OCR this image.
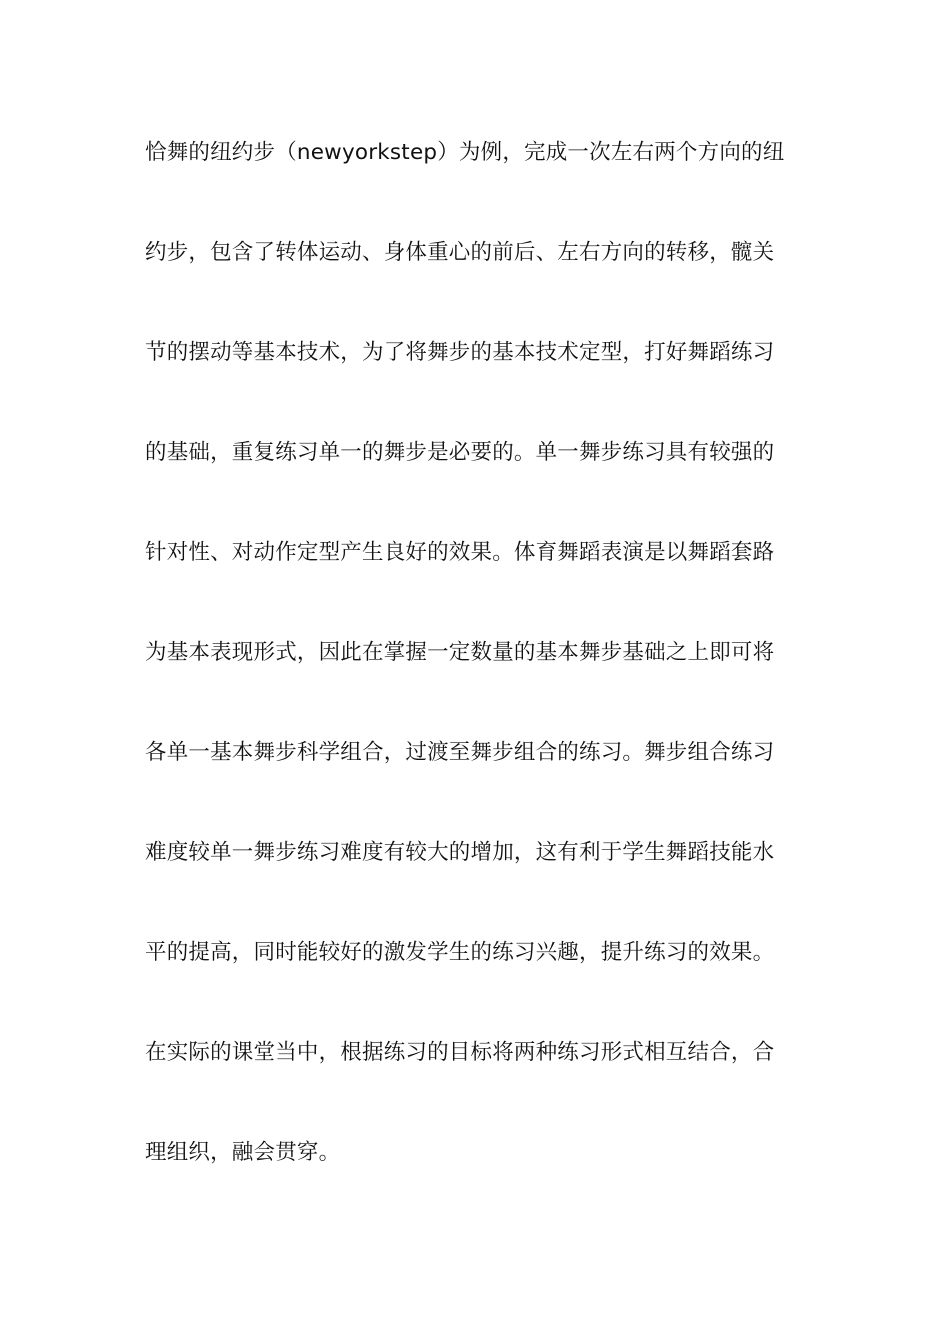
恰舞的纽约步（newyorkstep）为例，完成一次左右两个方向的纽
约步，包含了转体运动、身体重心的前后、左右方向的转移，髋关
节的摆动等基本技术，为了将舞步的基本技术定型，打好舞蹈练习
的基础，重复练习单一的舞步是必要的。单一舞步练习具有较强的
针对性、对动作定型产生良好的效果。体育舞蹈表演是以舞蹈套路
为基本表现形式，因此在掌握一定数量的基本舞步基础之上即可将
各单一基本舞步科学组合，过渡至舞步组合的练习。舞步组合练习
难度较单一舞步练习难度有较大的增加，这有利于学生舞蹈技能水
平的提高，同时能较好的激发学生的练习兴趣，提升练习的效果。
在实际的课堂当中，根据练习的目标将两种练习形式相互结合，合
理组织，融会贯穿。
